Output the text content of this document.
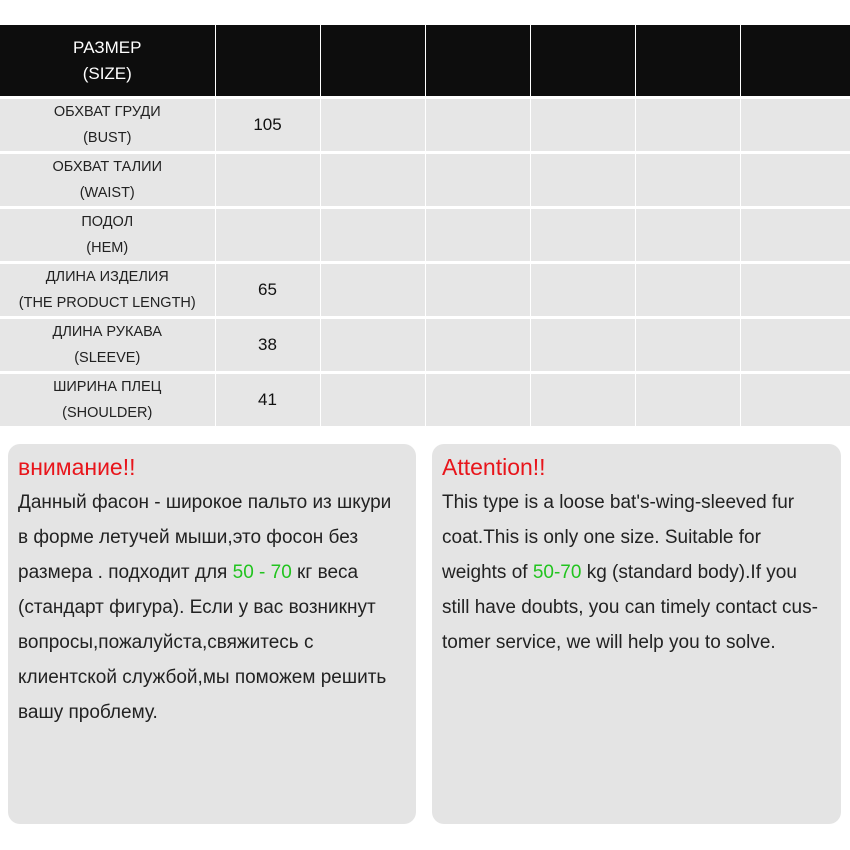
РАЗМЕР
(SIZE)						

ОБХВАТ ГРУДИ
(BUST)	105					

ОБХВАТ ТАЛИИ
(WAIST)						

ПОДОЛ
(HEM)						

ДЛИНА ИЗДЕЛИЯ
(THE PRODUCT LENGTH)	65					

ДЛИНА РУКАВА
(SLEEVE)	38					

ШИРИНА ПЛЕЦ
(SHOULDER)	41					
внимание!!
Данный фасон - широкое пальто из шкури
в форме летучей мыши,это фосон без
размера . подходит для 50 - 70 кг веса
(стандарт фигура). Если у вас возникнут
вопросы,пожалуйста,свяжитесь с
клиентской службой,мы поможем решить
вашу проблему.
Attention!!
This type is a loose bat's-wing-sleeved fur
coat.This is only one size. Suitable for
weights of 50-70 kg (standard body).If you
still have doubts, you can timely contact cus-
tomer service, we will help you to solve.
